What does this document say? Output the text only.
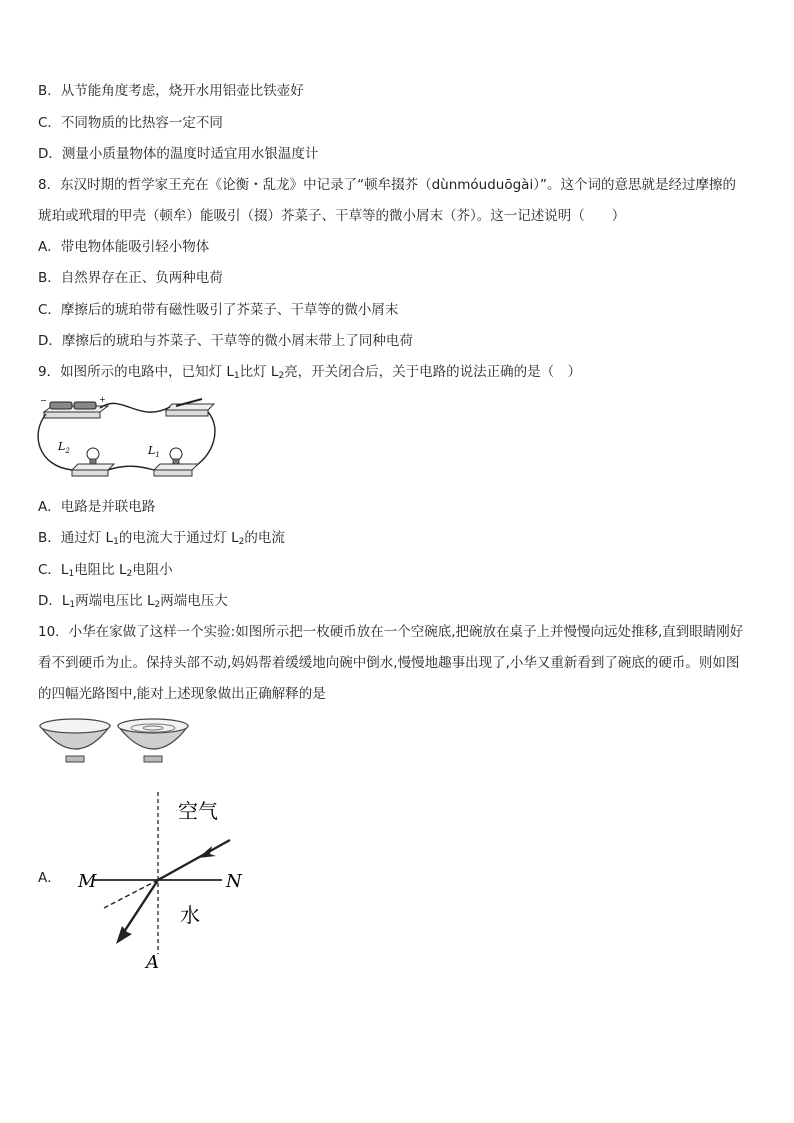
B．从节能角度考虑，烧开水用铝壶比铁壶好
C．不同物质的比热容一定不同
D．测量小质量物体的温度时适宜用水银温度计
8．东汉时期的哲学家王充在《论衡・乱龙》中记录了“顿牟掇芥（dùnmóuduōgài）”。这个词的意思就是经过摩擦的
琥珀或玳瑁的甲壳（顿牟）能吸引（掇）芥菜子、干草等的微小屑末（芥）。这一记述说明（　　）
A．带电物体能吸引轻小物体
B．自然界存在正、负两种电荷
C．摩擦后的琥珀带有磁性吸引了芥菜子、干草等的微小屑末
D．摩擦后的琥珀与芥菜子、干草等的微小屑末带上了同种电荷
9．如图所示的电路中，已知灯 $L_1$比灯 $L_2$亮，开关闭合后，关于电路的说法正确的是（　）
−	+
$L_2$	$L_1$
A．电路是并联电路
B．通过灯 $L_1$的电流大于通过灯 $L_2$的电流
C．$L_1$电阻比 $L_2$电阻小
D．$L_1$两端电压比 $L_2$两端电压大
10．小华在家做了这样一个实验:如图所示把一枚硬币放在一个空碗底,把碗放在桌子上并慢慢向远处推移,直到眼睛刚好
看不到硬币为止。保持头部不动,妈妈帮着缓缓地向碗中倒水,慢慢地趣事出现了,小华又重新看到了碗底的硬币。则如图
的四幅光路图中,能对上述现象做出正确解释的是
A． M	N
空气
水
A
